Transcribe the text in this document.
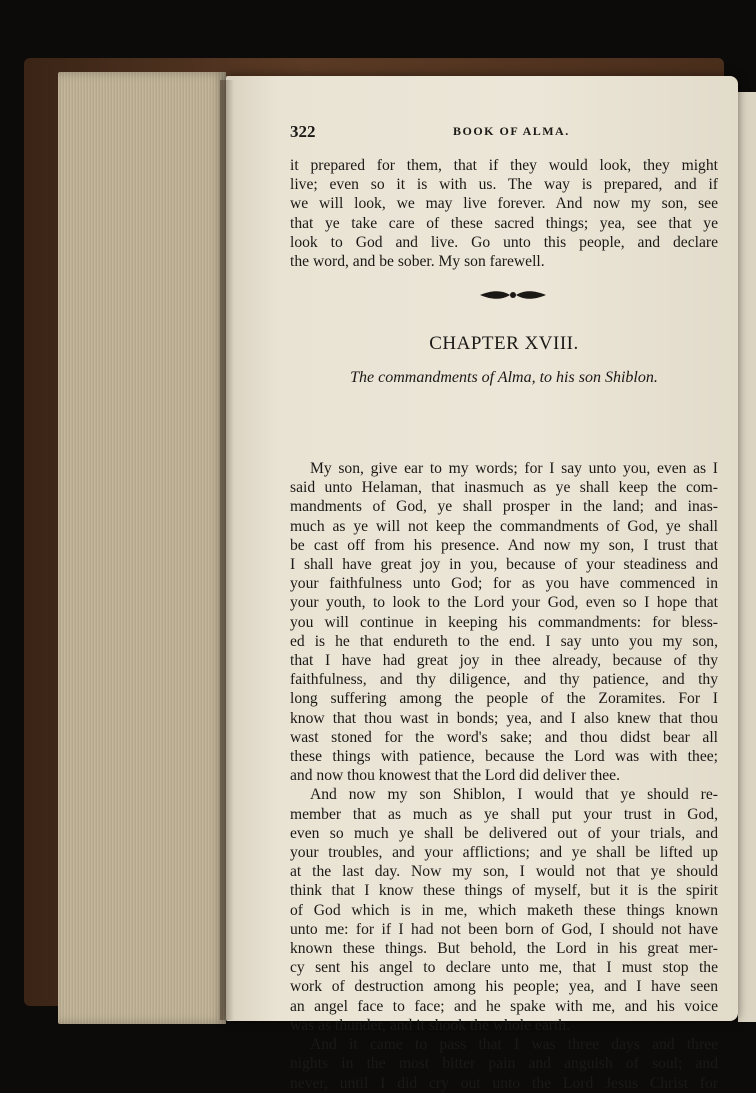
322	BOOK OF ALMA.
it prepared for them, that if they would look, they might
live; even so it is with us. The way is prepared, and if
we will look, we may live forever. And now my son, see
that ye take care of these sacred things; yea, see that ye
look to God and live. Go unto this people, and declare
the word, and be sober. My son farewell.
CHAPTER XVIII.
The commandments of Alma, to his son Shiblon.
My son, give ear to my words; for I say unto you, even as I
said unto Helaman, that inasmuch as ye shall keep the com-
mandments of God, ye shall prosper in the land; and inas-
much as ye will not keep the commandments of God, ye shall
be cast off from his presence. And now my son, I trust that
I shall have great joy in you, because of your steadiness and
your faithfulness unto God; for as you have commenced in
your youth, to look to the Lord your God, even so I hope that
you will continue in keeping his commandments: for bless-
ed is he that endureth to the end. I say unto you my son,
that I have had great joy in thee already, because of thy
faithfulness, and thy diligence, and thy patience, and thy
long suffering among the people of the Zoramites. For I
know that thou wast in bonds; yea, and I also knew that thou
wast stoned for the word's sake; and thou didst bear all
these things with patience, because the Lord was with thee;
and now thou knowest that the Lord did deliver thee.
And now my son Shiblon, I would that ye should re-
member that as much as ye shall put your trust in God,
even so much ye shall be delivered out of your trials, and
your troubles, and your afflictions; and ye shall be lifted up
at the last day. Now my son, I would not that ye should
think that I know these things of myself, but it is the spirit
of God which is in me, which maketh these things known
unto me: for if I had not been born of God, I should not have
known these things. But behold, the Lord in his great mer-
cy sent his angel to declare unto me, that I must stop the
work of destruction among his people; yea, and I have seen
an angel face to face; and he spake with me, and his voice
was as thunder, and it shook the whole earth.
And it came to pass that I was three days and three
nights in the most bitter pain and anguish of soul; and
never, until I did cry out unto the Lord Jesus Christ for
